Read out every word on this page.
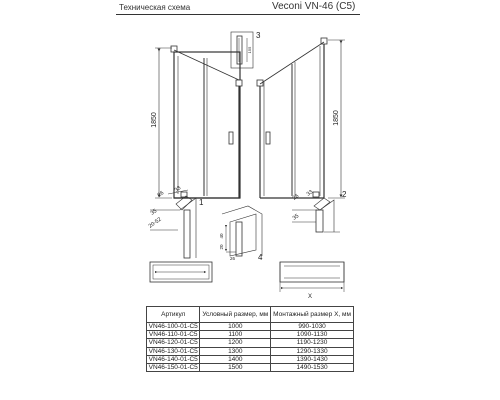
Техническая схема	Veconi VN-46 (C5)
1850	1850
155
3
26
33
35
20-52
1
26 33
35
2
40
20
26	4
X
Артикул	Условный размер, мм	Монтажный размер X, мм
VN46-100-01-C5	1000	990-1030
VN46-110-01-C5	1100	1090-1130
VN46-120-01-C5	1200	1190-1230
VN46-130-01-C5	1300	1290-1330
VN46-140-01-C5	1400	1390-1430
VN46-150-01-C5	1500	1490-1530
